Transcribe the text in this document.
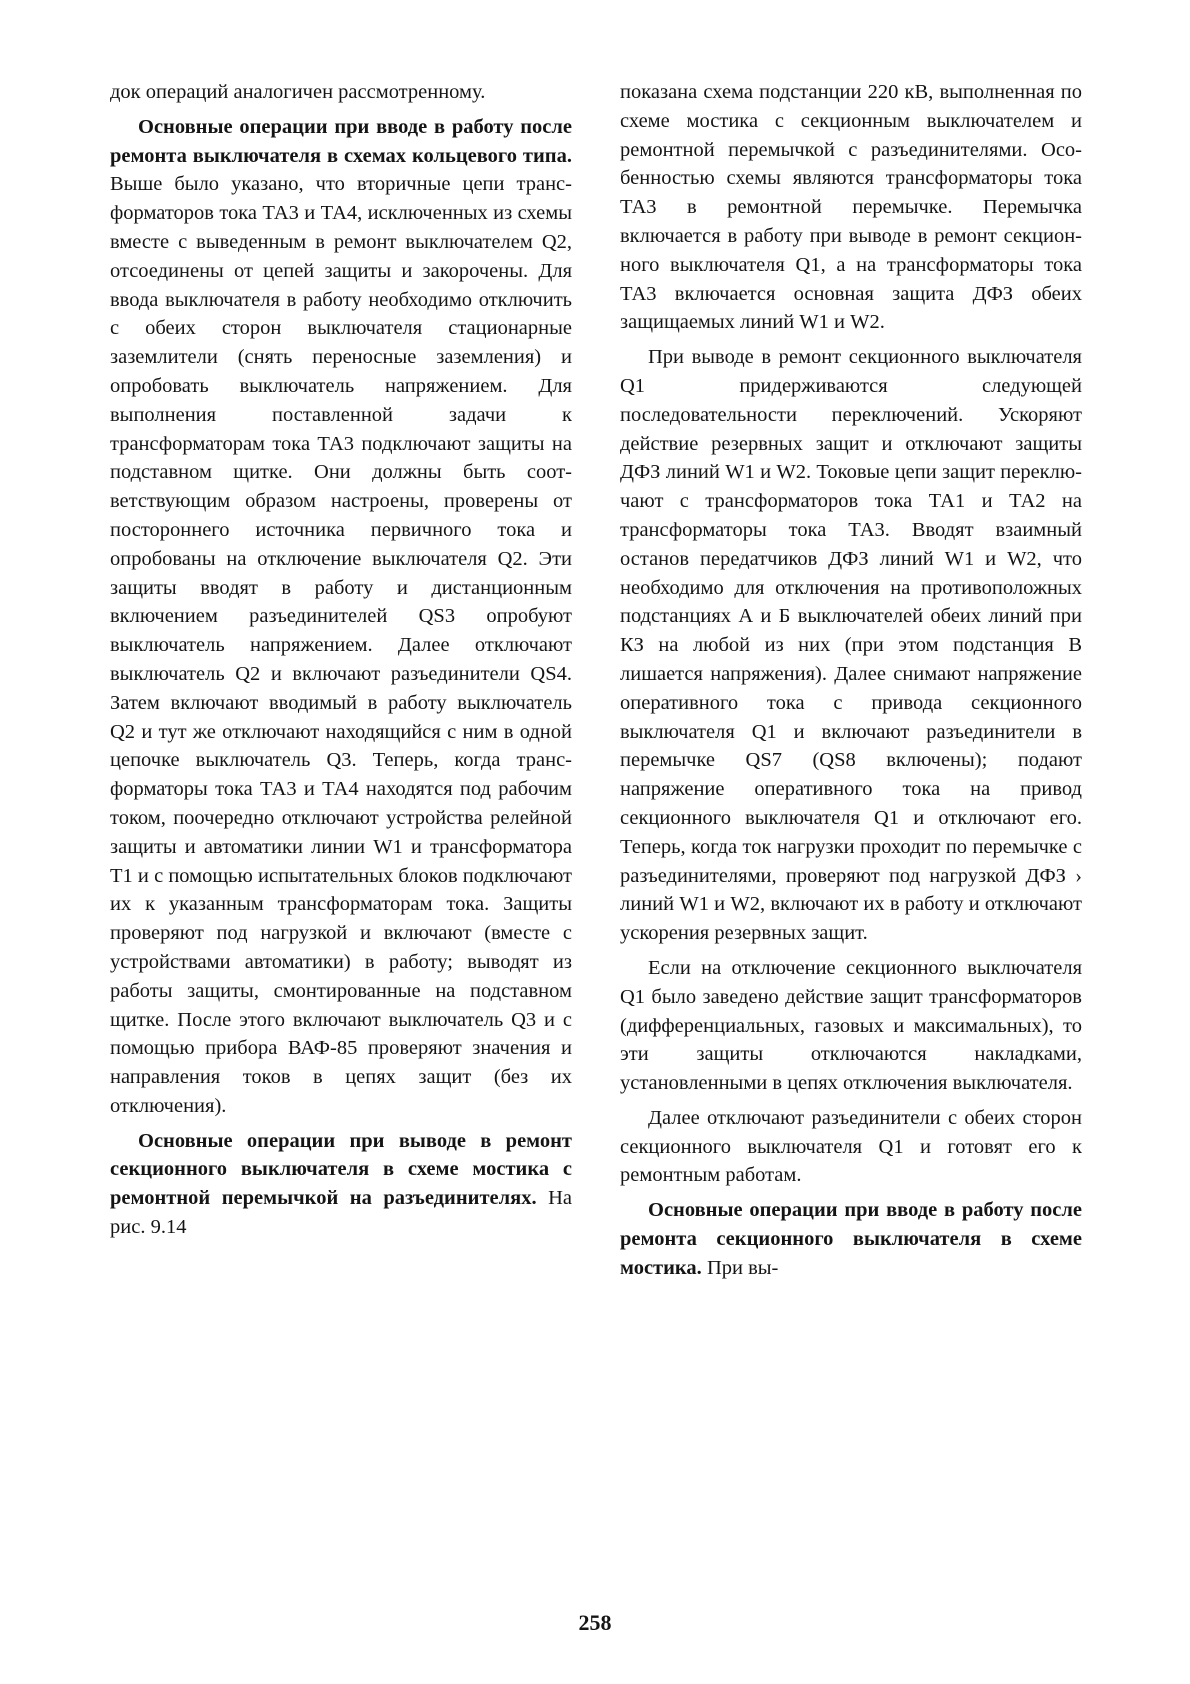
док операций аналогичен рассмотренному.

Основные операции при вводе в работу после ремонта выключателя в схемах кольцевого типа. Выше было указано, что вторичные цепи трансформаторов тока ТА3 и ТА4, исключенных из схемы вместе с выведенным в ремонт выключателем Q2, отсоединены от цепей защиты и закорочены. Для ввода выключателя в работу необходимо отключить с обеих сторон выключателя стационарные заземлители (снять переносные заземления) и опробовать выключатель напряжением. Для выполнения поставленной задачи к трансформаторам тока ТА3 подключают защиты на подставном щитке. Они должны быть соответствующим образом настроены, проверены от постороннего источника первичного тока и опробованы на отключение выключателя Q2. Эти защиты вводят в работу и дистанционным включением разъединителей QS3 опробуют выключатель напряжением. Далее отключают выключатель Q2 и включают разъединители QS4. Затем включают вводимый в работу выключатель Q2 и тут же отключают находящийся с ним в одной цепочке выключатель Q3. Теперь, когда трансформаторы тока ТА3 и ТА4 находятся под рабочим током, поочередно отключают устройства релейной защиты и автоматики линии W1 и трансформатора Т1 и с помощью испытательных блоков подключают их к указанным трансформаторам тока. Защиты проверяют под нагрузкой и включают (вместе с устройствами автоматики) в работу; выводят из работы защиты, смонтированные на подставном щитке. После этого включают выключатель Q3 и с помощью прибора ВАФ-85 проверяют значения и направления токов в цепях защит (без их отключения).

Основные операции при выводе в ремонт секционного выключателя в схеме мостика с ремонтной перемычкой на разъединителях. На рис. 9.14

показана схема подстанции 220 кВ, выполненная по схеме мостика с секционным выключателем и ремонтной перемычкой с разъединителями. Особенностью схемы являются трансформаторы тока ТА3 в ремонтной перемычке. Перемычка включается в работу при выводе в ремонт секционного выключателя Q1, а на трансформаторы тока ТА3 включается основная защита ДФЗ обеих защищаемых линий W1 и W2.

При выводе в ремонт секционного выключателя Q1 придерживаются следующей последовательности переключений. Ускоряют действие резервных защит и отключают защиты ДФЗ линий W1 и W2. Токовые цепи защит переключают с трансформаторов тока ТА1 и ТА2 на трансформаторы тока ТА3. Вводят взаимный останов передатчиков ДФЗ линий W1 и W2, что необходимо для отключения на противоположных подстанциях А и Б выключателей обеих линий при КЗ на любой из них (при этом подстанция В лишается напряжения). Далее снимают напряжение оперативного тока с привода секционного выключателя Q1 и включают разъединители в перемычке QS7 (QS8 включены); подают напряжение оперативного тока на привод секционного выключателя Q1 и отключают его. Теперь, когда ток нагрузки проходит по перемычке с разъединителями, проверяют под нагрузкой ДФЗ › линий W1 и W2, включают их в работу и отключают ускорения резервных защит.

Если на отключение секционного выключателя Q1 было заведено действие защит трансформаторов (дифференциальных, газовых и максимальных), то эти защиты отключаются накладками, установленными в цепях отключения выключателя.

Далее отключают разъединители с обеих сторон секционного выключателя Q1 и готовят его к ремонтным работам.

Основные операции при вводе в работу после ремонта секционного выключателя в схеме мостика. При вы-

258
